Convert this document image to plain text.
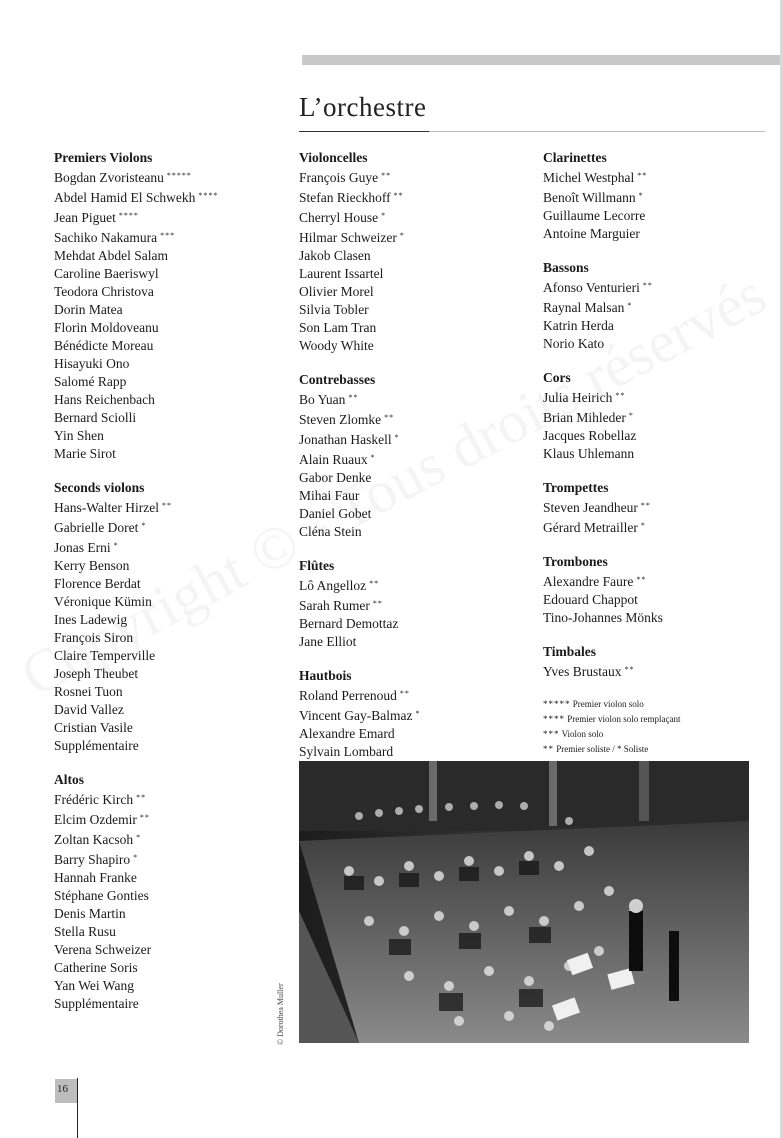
L’orchestre
Premiers Violons
Bogdan Zvoristeanu *****
Abdel Hamid El Schwekh ****
Jean Piguet ****
Sachiko Nakamura ***
Mehdat Abdel Salam
Caroline Baeriswyl
Teodora Christova
Dorin Matea
Florin Moldoveanu
Bénédicte Moreau
Hisayuki Ono
Salomé Rapp
Hans Reichenbach
Bernard Sciolli
Yin Shen
Marie Sirot
Seconds violons
Hans-Walter Hirzel **
Gabrielle Doret *
Jonas Erni *
Kerry Benson
Florence Berdat
Véronique Kümin
Ines Ladewig
François Siron
Claire Temperville
Joseph Theubet
Rosnei Tuon
David Vallez
Cristian Vasile
Supplémentaire
Altos
Frédéric Kirch **
Elcim Ozdemir **
Zoltan Kacsoh *
Barry Shapiro *
Hannah Franke
Stéphane Gonties
Denis Martin
Stella Rusu
Verena Schweizer
Catherine Soris
Yan Wei Wang
Supplémentaire
Violoncelles
François Guye **
Stefan Rieckhoff **
Cherryl House *
Hilmar Schweizer *
Jakob Clasen
Laurent Issartel
Olivier Morel
Silvia Tobler
Son Lam Tran
Woody White
Contrebasses
Bo Yuan **
Steven Zlomke **
Jonathan Haskell *
Alain Ruaux *
Gabor Denke
Mihai Faur
Daniel Gobet
Cléna Stein
Flûtes
Lô Angelloz **
Sarah Rumer **
Bernard Demottaz
Jane Elliot
Hautbois
Roland Perrenoud **
Vincent Gay-Balmaz *
Alexandre Emard
Sylvain Lombard
Clarinettes
Michel Westphal **
Benoît Willmann *
Guillaume Lecorre
Antoine Marguier
Bassons
Afonso Venturieri **
Raynal Malsan *
Katrin Herda
Norio Kato
Cors
Julia Heirich **
Brian Mihleder *
Jacques Robellaz
Klaus Uhlemann
Trompettes
Steven Jeandheur **
Gérard Metrailler *
Trombones
Alexandre Faure **
Edouard Chappot
Tino-Johannes Mönks
Timbales
Yves Brustaux **
***** Premier violon solo
**** Premier violon solo remplaçant
*** Violon solo
** Premier soliste / * Soliste
© Dorothea Muller
16
